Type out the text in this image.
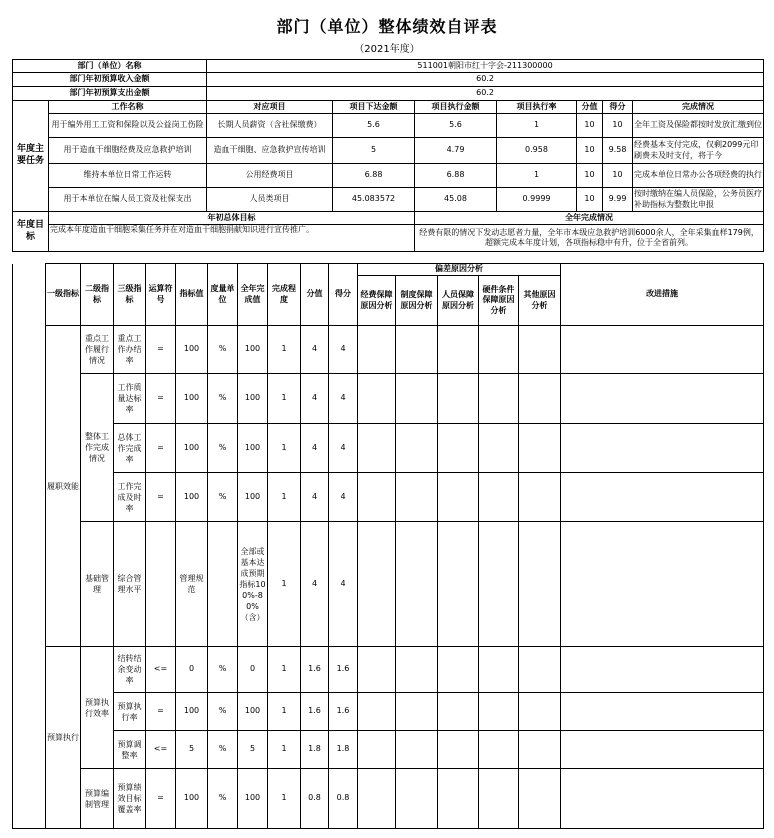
部门（单位）整体绩效自评表
（2021年度）
部门（单位）名称		511001朝阳市红十字会-211300000						
部门年初预算收入金额		60.2						
部门年初预算支出金额		60.2						
年度主要任务	工作名称	对应项目	项目下达金额	项目执行金额	项目执行率	分值	得分	完成情况
	用于编外用工工资和保险以及公益岗工伤险	长期人员薪资（含社保缴费）	5.6	5.6	1	10	10	全年工资及保险都按时发放汇缴到位
	用于造血干细胞经费及应急救护培训	造血干细胞、应急救护宣传培训	5	4.79	0.958	10	9.58	经费基本支付完成，仅剩2099元印刷费未及时支付，将于今
	维持本单位日常工作运转	公用经费项目	6.88	6.88	1	10	10	完成本单位日常办公各项经费的执行
	用于本单位在编人员工资及社保支出	人员类项目	45.083572	45.08	0.9999	10	9.99	按时缴纳在编人员保险，公务员医疗补助指标为整数比申报
年度目标	年初总体目标			全年完成情况				
	完成本年度造血干细胞采集任务并在对造血干细胞捐献知识进行宣传推广。			经费有限的情况下发动志愿者力量，全年市本级应急救护培训6000余人，全年采集血样179例，超额完成本年度计划，各项指标稳中有升，位于全省前列。				
	一级指标	二级指标	三级指标	运算符号	指标值	度量单位	全年完成值	完成程度	分值	得分	偏差原因分析					改进措施
											经费保障原因分析	制度保障原因分析	人员保障原因分析	硬件条件保障原因分析	其他原因分析	
	履职效能	重点工作履行情况	重点工作办结率	=	100	%	100	1	4	4						
		整体工作完成情况	工作质量达标率	=	100	%	100	1	4	4						
			总体工作完成率	=	100	%	100	1	4	4						
			工作完成及时率	=	100	%	100	1	4	4						
		基础管理	综合管理水平		管理规范		全部或基本达成预期指标100%-80%（含）	1	4	4						
	预算执行	预算执行效率	结转结余变动率	<=	0	%	0	1	1.6	1.6						
			预算执行率	=	100	%	100	1	1.6	1.6						
			预算调整率	<=	5	%	5	1	1.8	1.8						
		预算编制管理	预算绩效目标覆盖率	=	100	%	100	1	0.8	0.8						
